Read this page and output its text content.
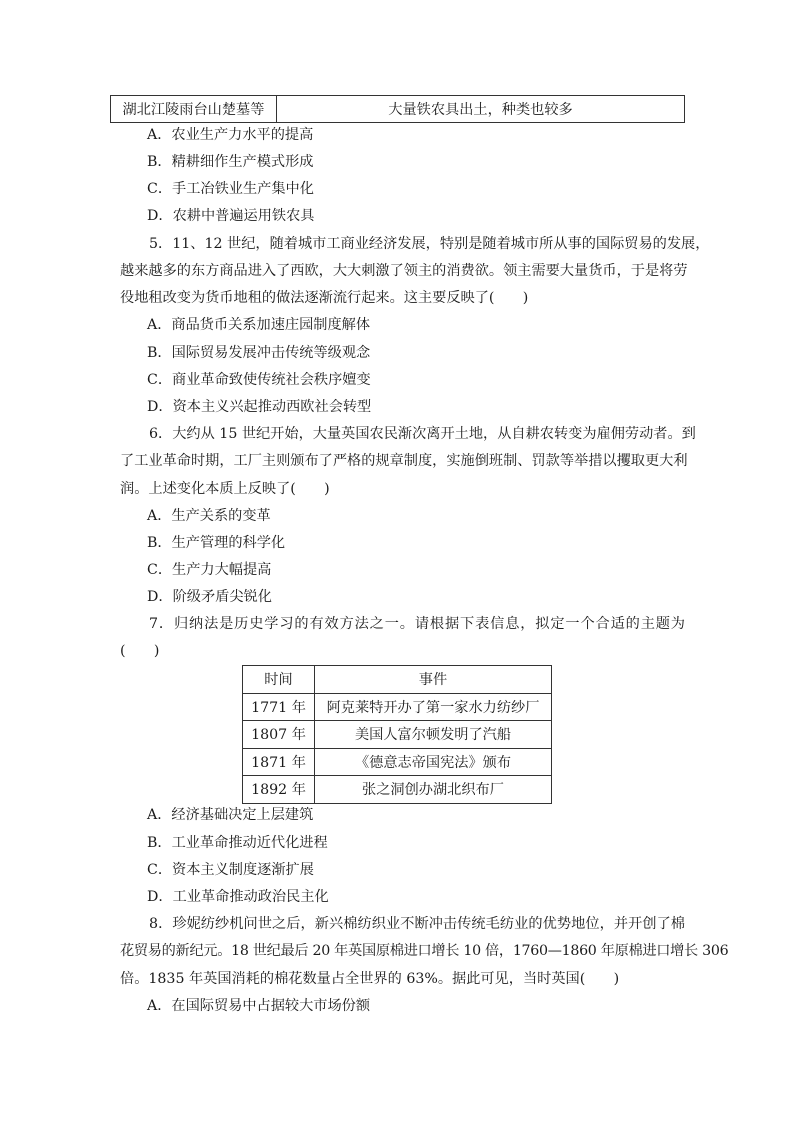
湖北江陵雨台山楚墓等	大量铁农具出土，种类也较多
A．农业生产力水平的提高
B．精耕细作生产模式形成
C．手工冶铁业生产集中化
D．农耕中普遍运用铁农具
5．11、12 世纪，随着城市工商业经济发展，特别是随着城市所从事的国际贸易的发展，
越来越多的东方商品进入了西欧，大大刺激了领主的消费欲。领主需要大量货币，于是将劳
役地租改变为货币地租的做法逐渐流行起来。这主要反映了(　　)
A．商品货币关系加速庄园制度解体
B．国际贸易发展冲击传统等级观念
C．商业革命致使传统社会秩序嬗变
D．资本主义兴起推动西欧社会转型
6．大约从 15 世纪开始，大量英国农民渐次离开土地，从自耕农转变为雇佣劳动者。到
了工业革命时期，工厂主则颁布了严格的规章制度，实施倒班制、罚款等举措以攫取更大利
润。上述变化本质上反映了(　　)
A．生产关系的变革
B．生产管理的科学化
C．生产力大幅提高
D．阶级矛盾尖锐化
7．归纳法是历史学习的有效方法之一。请根据下表信息，拟定一个合适的主题为
(　　)
时间	事件
1771 年	阿克莱特开办了第一家水力纺纱厂
1807 年	美国人富尔顿发明了汽船
1871 年	《德意志帝国宪法》颁布
1892 年	张之洞创办湖北织布厂
A．经济基础决定上层建筑
B．工业革命推动近代化进程
C．资本主义制度逐渐扩展
D．工业革命推动政治民主化
8．珍妮纺纱机问世之后，新兴棉纺织业不断冲击传统毛纺业的优势地位，并开创了棉
花贸易的新纪元。18 世纪最后 20 年英国原棉进口增长 10 倍，1760—1860 年原棉进口增长 306
倍。1835 年英国消耗的棉花数量占全世界的 63%。据此可见，当时英国(　　)
A．在国际贸易中占据较大市场份额
